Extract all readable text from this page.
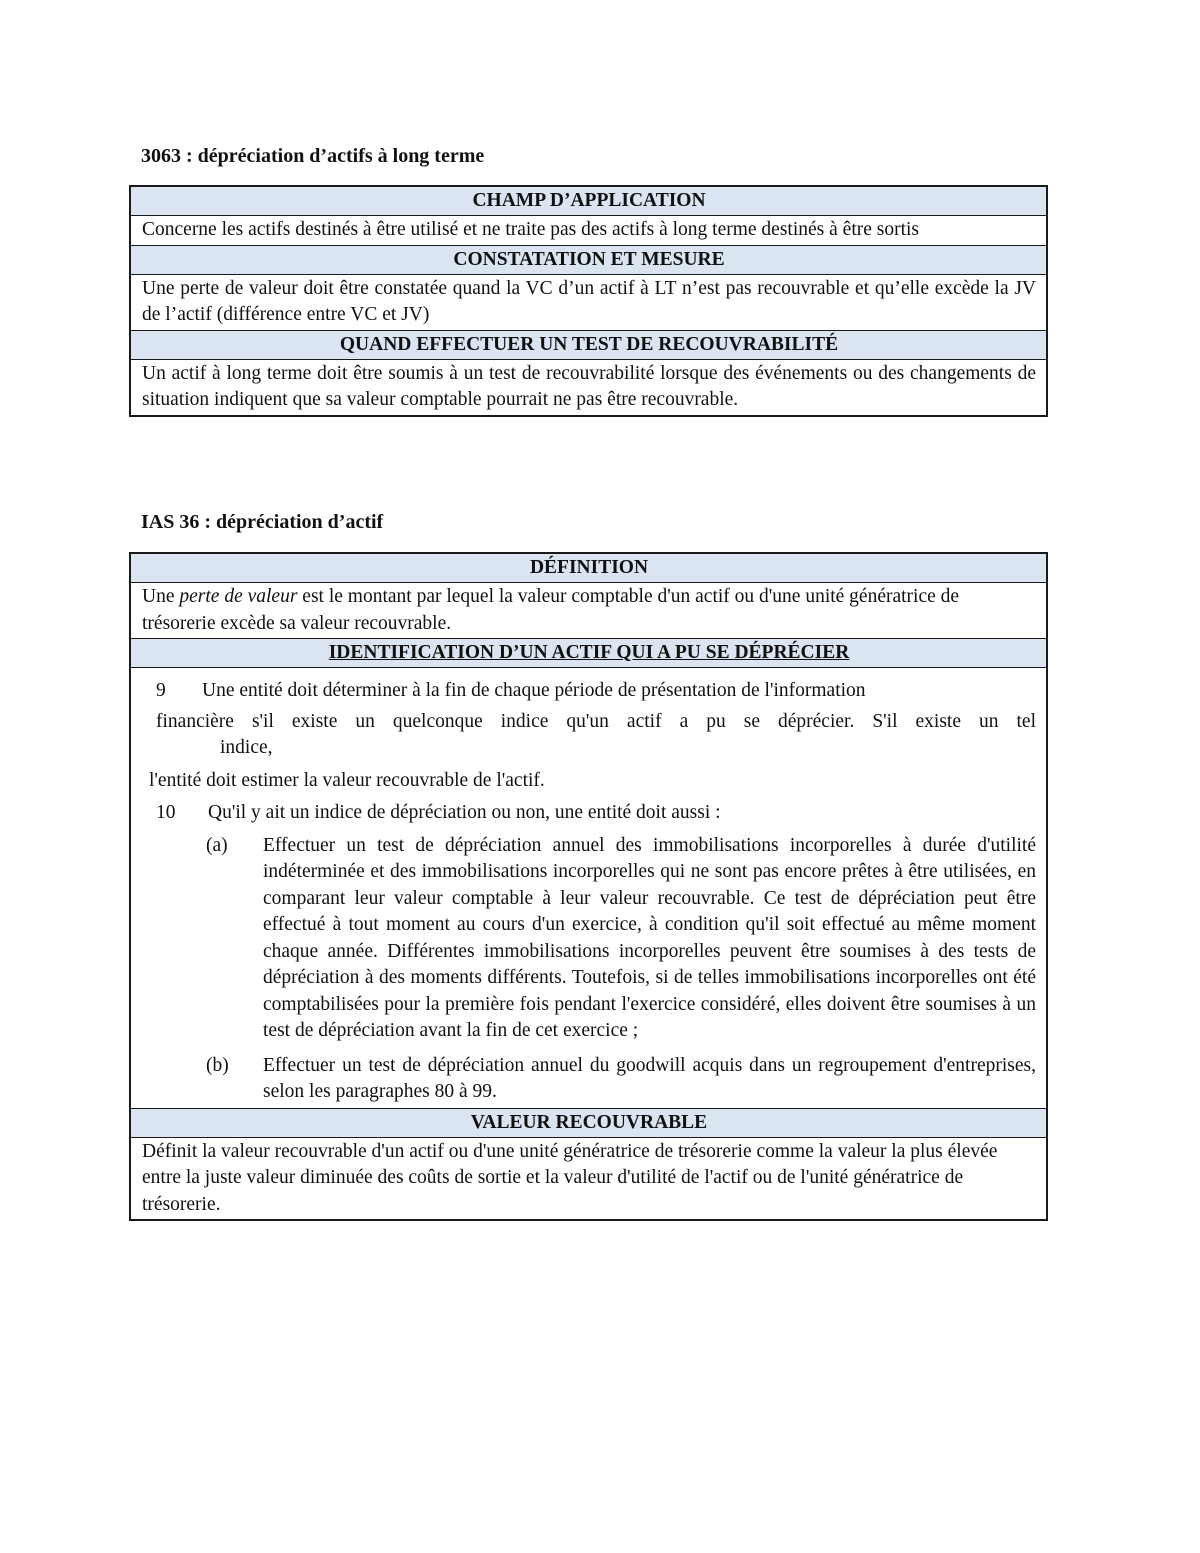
3063 : dépréciation d’actifs à long terme
CHAMP D’APPLICATION
Concerne les actifs destinés à être utilisé et ne traite pas des actifs à long terme destinés à être sortis
CONSTATATION ET MESURE
Une perte de valeur doit être constatée quand la VC d’un actif à LT n’est pas recouvrable et qu’elle excède la JV de l’actif (différence entre VC et JV)
QUAND EFFECTUER UN TEST DE RECOUVRABILITÉ
Un actif à long terme doit être soumis à un test de recouvrabilité lorsque des événements ou des changements de situation indiquent que sa valeur comptable pourrait ne pas être recouvrable.
IAS 36 : dépréciation d’actif
DÉFINITION
Une perte de valeur est le montant par lequel la valeur comptable d'un actif ou d'une unité génératrice de trésorerie excède sa valeur recouvrable.
IDENTIFICATION D’UN ACTIF QUI A PU SE DÉPRÉCIER

9 Une entité doit déterminer à la fin de chaque période de présentation de l'information
financière s'il existe un quelconque indice qu'un actif a pu se déprécier. S'il existe un tel
indice,
l'entité doit estimer la valeur recouvrable de l'actif.
10 Qu'il y ait un indice de dépréciation ou non, une entité doit aussi :
(a)	Effectuer un test de dépréciation annuel des immobilisations incorporelles à durée d'utilité indéterminée et des immobilisations incorporelles qui ne sont pas encore prêtes à être utilisées, en comparant leur valeur comptable à leur valeur recouvrable. Ce test de dépréciation peut être effectué à tout moment au cours d'un exercice, à condition qu'il soit effectué au même moment chaque année. Différentes immobilisations incorporelles peuvent être soumises à des tests de dépréciation à des moments différents. Toutefois, si de telles immobilisations incorporelles ont été comptabilisées pour la première fois pendant l'exercice considéré, elles doivent être soumises à un test de dépréciation avant la fin de cet exercice ;
(b)	Effectuer un test de dépréciation annuel du goodwill acquis dans un regroupement d'entreprises, selon les paragraphes 80 à 99.

VALEUR RECOUVRABLE
Définit la valeur recouvrable d'un actif ou d'une unité génératrice de trésorerie comme la valeur la plus élevée entre la juste valeur diminuée des coûts de sortie et la valeur d'utilité de l'actif ou de l'unité génératrice de trésorerie.
